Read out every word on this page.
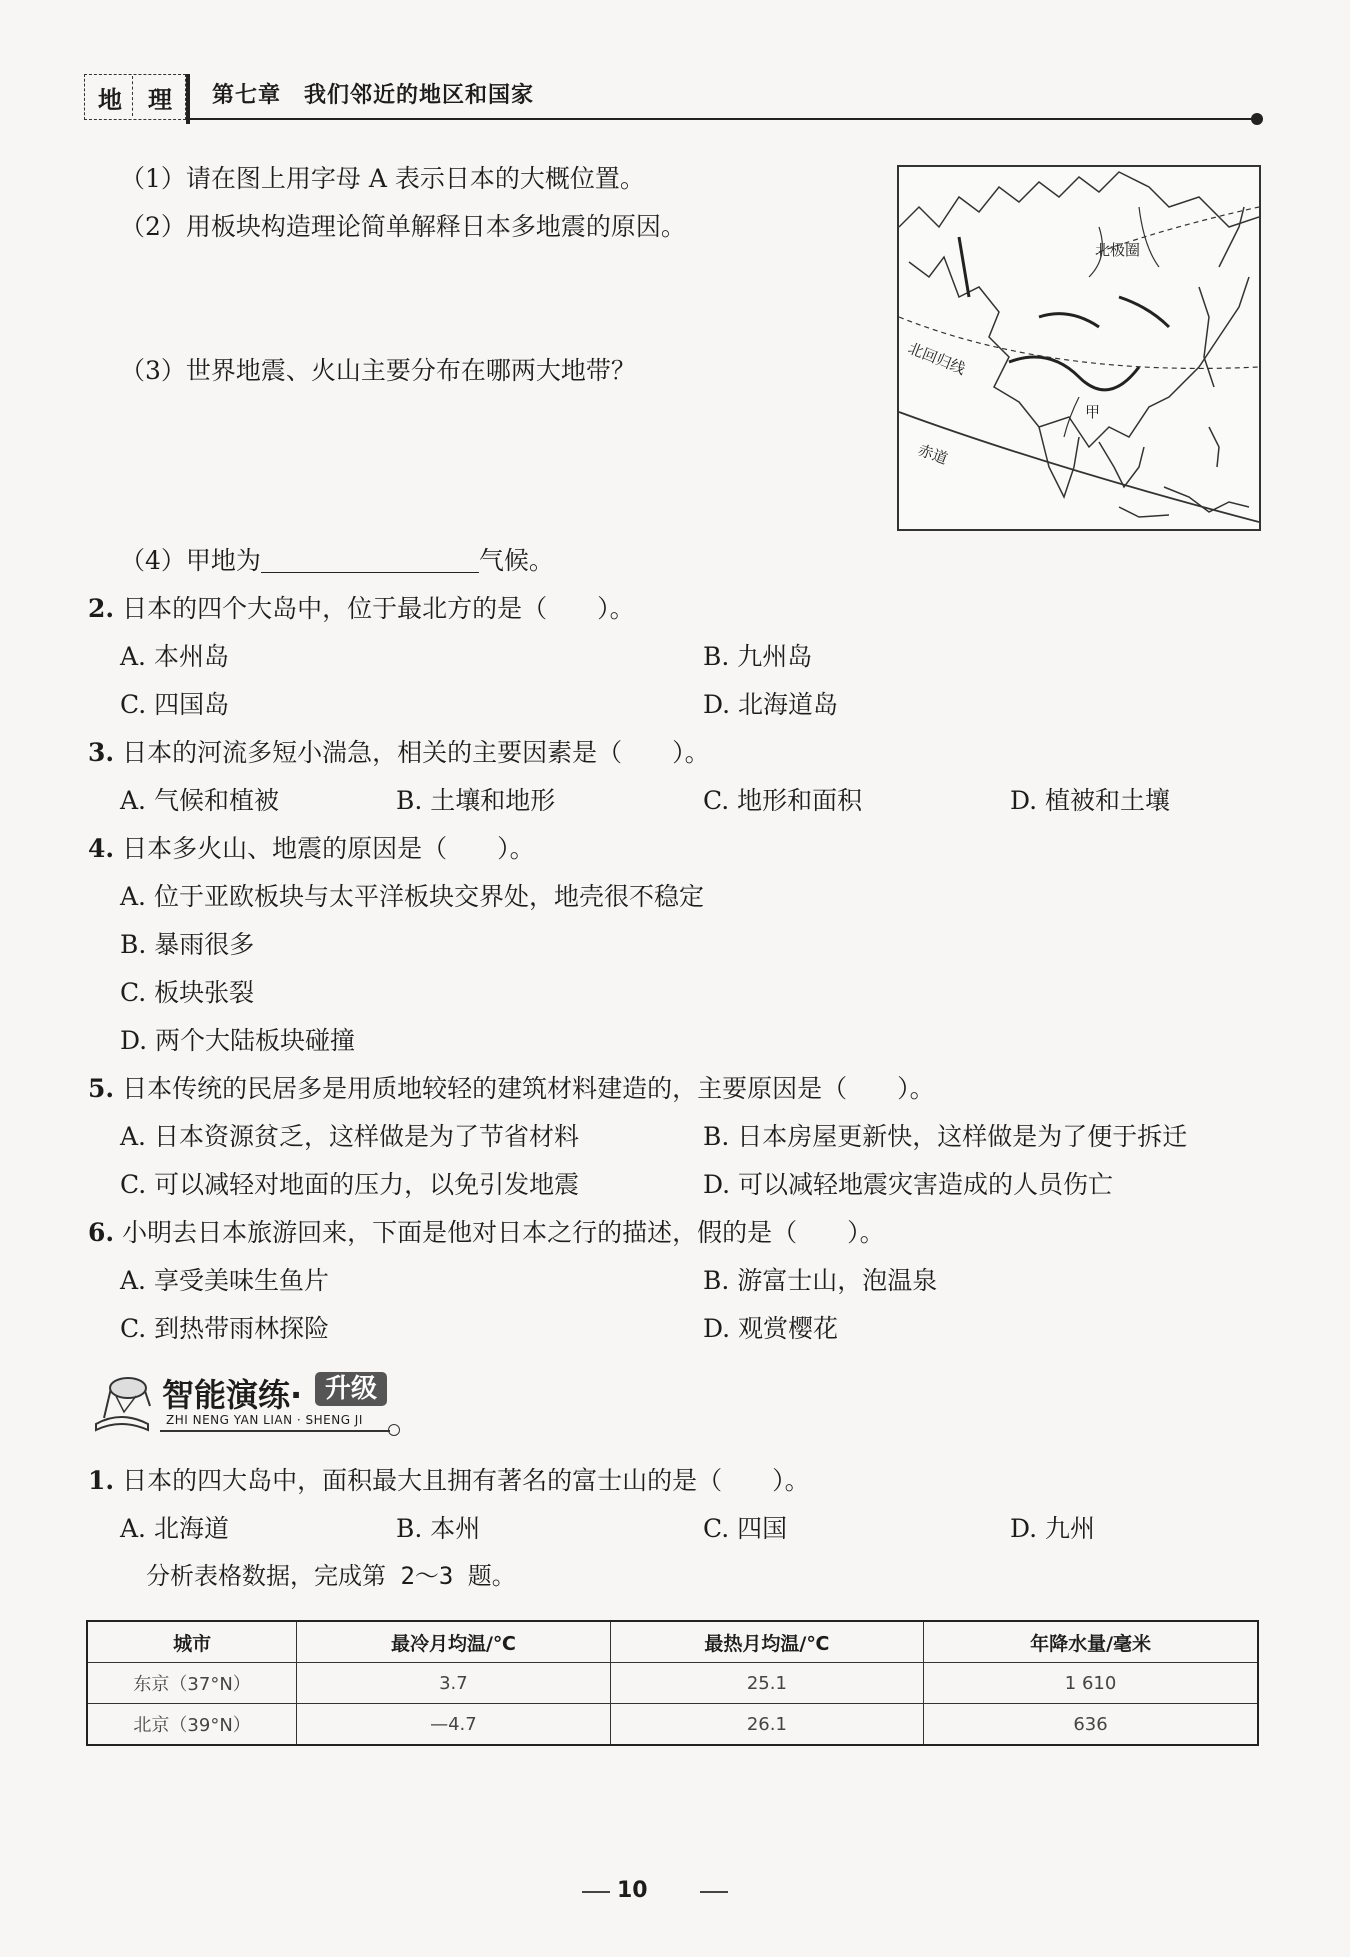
地 理 第七章　我们邻近的地区和国家
（1）请在图上用字母 A 表示日本的大概位置。
（2）用板块构造理论简单解释日本多地震的原因。
（3）世界地震、火山主要分布在哪两大地带？
（4）甲地为	气候。
北极圈
北回归线
赤道
甲
2. 日本的四个大岛中，位于最北方的是（　　）。
A. 本州岛	B. 九州岛
C. 四国岛	D. 北海道岛
3. 日本的河流多短小湍急，相关的主要因素是（　　）。
A. 气候和植被	B. 土壤和地形	C. 地形和面积	D. 植被和土壤
4. 日本多火山、地震的原因是（　　）。
A. 位于亚欧板块与太平洋板块交界处，地壳很不稳定
B. 暴雨很多
C. 板块张裂
D. 两个大陆板块碰撞
5. 日本传统的民居多是用质地较轻的建筑材料建造的，主要原因是（　　）。
A. 日本资源贫乏，这样做是为了节省材料	B. 日本房屋更新快，这样做是为了便于拆迁
C. 可以减轻对地面的压力，以免引发地震	D. 可以减轻地震灾害造成的人员伤亡
6. 小明去日本旅游回来，下面是他对日本之行的描述，假的是（　　）。
A. 享受美味生鱼片	B. 游富士山，泡温泉
C. 到热带雨林探险	D. 观赏樱花
智能演练· 升级
ZHI NENG YAN LIAN · SHENG JI
1. 日本的四大岛中，面积最大且拥有著名的富士山的是（　　）。
A. 北海道	B. 本州	C. 四国	D. 九州
分析表格数据，完成第 2～3 题。
城市	最冷月均温/℃	最热月均温/℃	年降水量/毫米
东京（37°N）	3.7	25.1	1 610
北京（39°N）	—4.7	26.1	636
10
